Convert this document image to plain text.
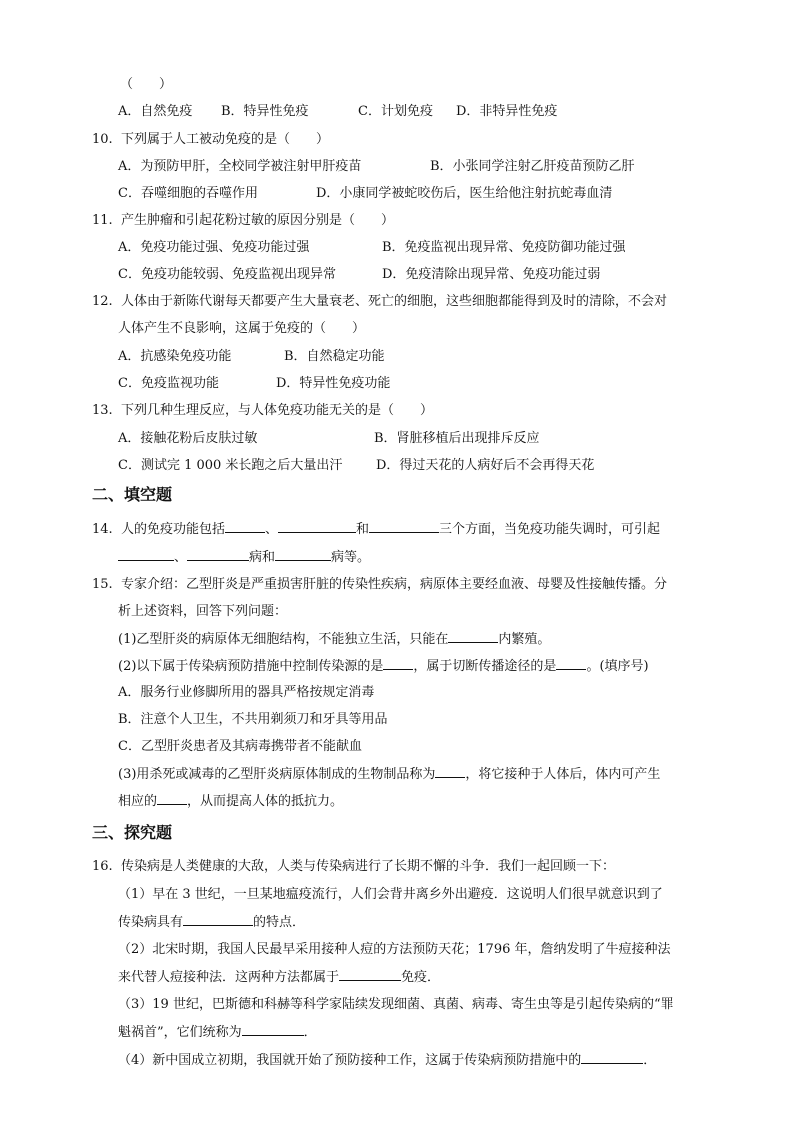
（　　）
A．自然免疫 B．特异性免疫	C．计划免疫 D．非特异性免疫
10.  下列属于人工被动免疫的是（　　）
A．为预防甲肝，全校同学被注射甲肝疫苗	B．小张同学注射乙肝疫苗预防乙肝
C．吞噬细胞的吞噬作用	D．小康同学被蛇咬伤后，医生给他注射抗蛇毒血清
11.  产生肿瘤和引起花粉过敏的原因分别是（　　）
A．免疫功能过强、免疫功能过强	B．免疫监视出现异常、免疫防御功能过强
C．免疫功能较弱、免疫监视出现异常	D．免疫清除出现异常、免疫功能过弱
12.  人体由于新陈代谢每天都要产生大量衰老、死亡的细胞，这些细胞都能得到及时的清除，不会对
人体产生不良影响，这属于免疫的（　　）
A．抗感染免疫功能	B．自然稳定功能
C．免疫监视功能	D．特异性免疫功能
13.  下列几种生理反应，与人体免疫功能无关的是（　　）
A．接触花粉后皮肤过敏	B．肾脏移植后出现排斥反应
C．测试完 1 000 米长跑之后大量出汗	D．得过天花的人病好后不会再得天花
二、填空题
14.  人的免疫功能包括	、	和	三个方面，当免疫功能失调时，可引起
、	病和	病等。
15.  专家介绍：乙型肝炎是严重损害肝脏的传染性疾病，病原体主要经血液、母婴及性接触传播。分
析上述资料，回答下列问题：
(1)乙型肝炎的病原体无细胞结构，不能独立生活，只能在	内繁殖。
(2)以下属于传染病预防措施中控制传染源的是 ，属于切断传播途径的是 。(填序号)
A．服务行业修脚所用的器具严格按规定消毒
B．注意个人卫生，不共用剃须刀和牙具等用品
C．乙型肝炎患者及其病毒携带者不能献血
(3)用杀死或减毒的乙型肝炎病原体制成的生物制品称为 ，将它接种于人体后，体内可产生
相应的 ，从而提高人体的抵抗力。
三、探究题
16.  传染病是人类健康的大敌，人类与传染病进行了长期不懈的斗争．我们一起回顾一下：
（1）早在 3 世纪，一旦某地瘟疫流行，人们会背井离乡外出避疫．这说明人们很早就意识到了
传染病具有	的特点．
（2）北宋时期，我国人民最早采用接种人痘的方法预防天花；1796 年，詹纳发明了牛痘接种法
来代替人痘接种法．这两种方法都属于	免疫．
（3）19 世纪，巴斯德和科赫等科学家陆续发现细菌、真菌、病毒、寄生虫等是引起传染病的“罪
魁祸首”，它们统称为	．
（4）新中国成立初期，我国就开始了预防接种工作，这属于传染病预防措施中的	．
